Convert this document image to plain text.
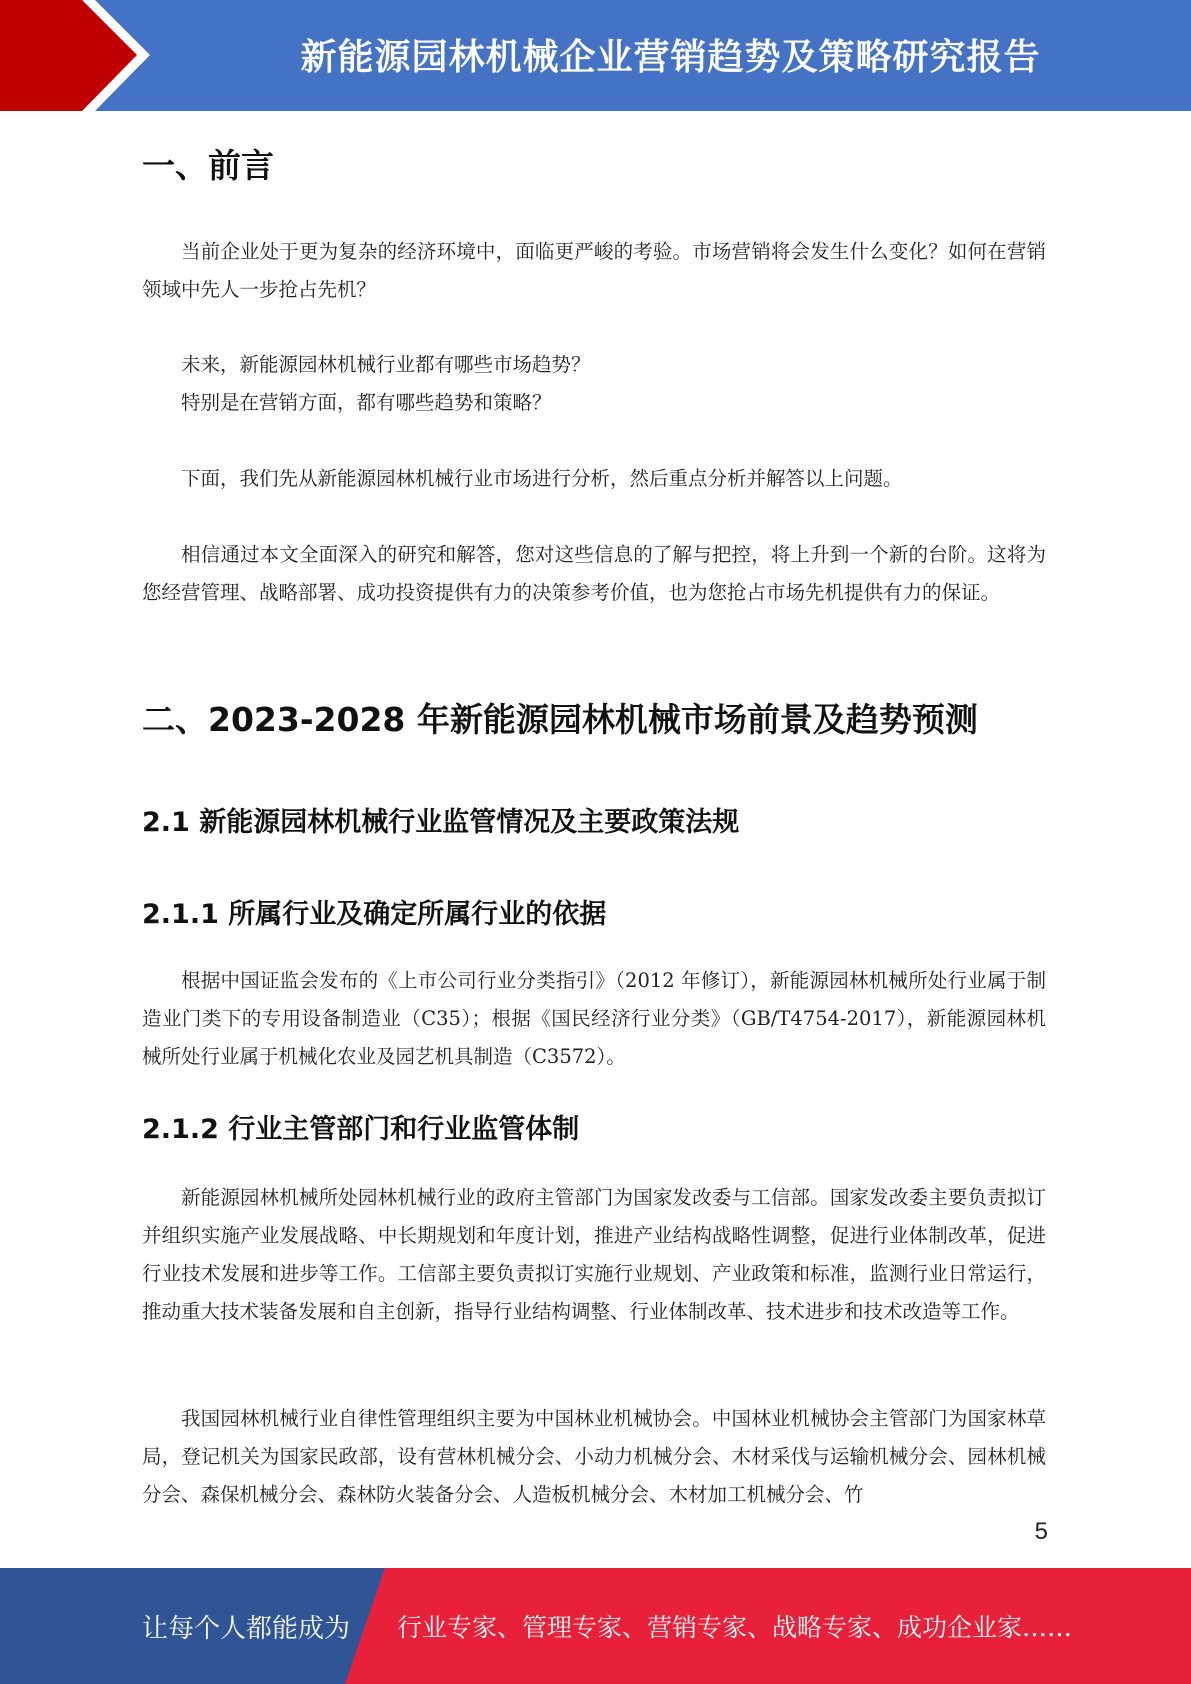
新能源园林机械企业营销趋势及策略研究报告
一、前言

当前企业处于更为复杂的经济环境中，面临更严峻的考验。市场营销将会发生什么变化？如何在营销领域中先人一步抢占先机？

未来，新能源园林机械行业都有哪些市场趋势？

特别是在营销方面，都有哪些趋势和策略？

下面，我们先从新能源园林机械行业市场进行分析，然后重点分析并解答以上问题。

相信通过本文全面深入的研究和解答，您对这些信息的了解与把控，将上升到一个新的台阶。这将为您经营管理、战略部署、成功投资提供有力的决策参考价值，也为您抢占市场先机提供有力的保证。

二、2023-2028 年新能源园林机械市场前景及趋势预测
2.1 新能源园林机械行业监管情况及主要政策法规
2.1.1 所属行业及确定所属行业的依据

根据中国证监会发布的《上市公司行业分类指引》（2012 年修订），新能源园林机械所处行业属于制造业门类下的专用设备制造业（C35）；根据《国民经济行业分类》（GB/T4754-2017），新能源园林机械所处行业属于机械化农业及园艺机具制造（C3572）。

2.1.2 行业主管部门和行业监管体制

新能源园林机械所处园林机械行业的政府主管部门为国家发改委与工信部。国家发改委主要负责拟订并组织实施产业发展战略、中长期规划和年度计划，推进产业结构战略性调整，促进行业体制改革，促进行业技术发展和进步等工作。工信部主要负责拟订实施行业规划、产业政策和标准，监测行业日常运行，推动重大技术装备发展和自主创新，指导行业结构调整、行业体制改革、技术进步和技术改造等工作。

我国园林机械行业自律性管理组织主要为中国林业机械协会。中国林业机械协会主管部门为国家林草局，登记机关为国家民政部，设有营林机械分会、小动力机械分会、木材采伐与运输机械分会、园林机械分会、森保机械分会、森林防火装备分会、人造板机械分会、木材加工机械分会、竹

5
让每个人都能成为 行业专家、管理专家、营销专家、战略专家、成功企业家……
